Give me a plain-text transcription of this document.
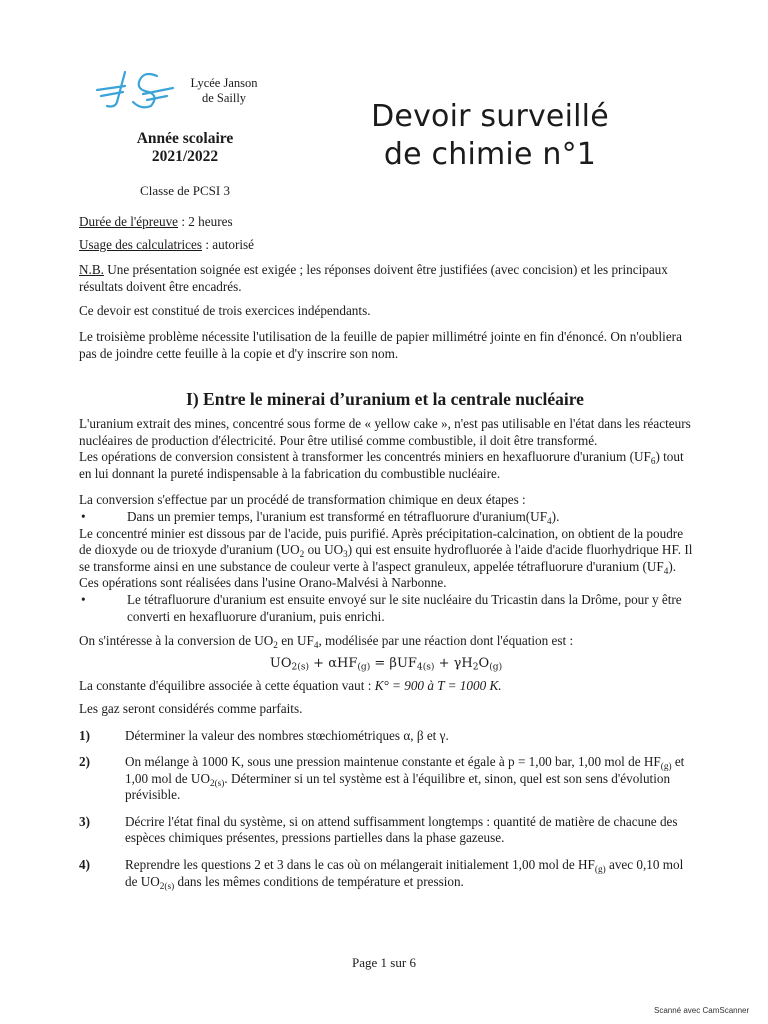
Lycée Janson
de Sailly
Devoir surveillé
de chimie n°1
Année scolaire
2021/2022
Classe de PCSI 3
Durée de l'épreuve : 2 heures
Usage des calculatrices : autorisé
N.B. Une présentation soignée est exigée ; les réponses doivent être justifiées (avec concision) et les principaux résultats doivent être encadrés.
Ce devoir est constitué de trois exercices indépendants.
Le troisième problème nécessite l'utilisation de la feuille de papier millimétré jointe en fin d'énoncé. On n'oubliera pas de joindre cette feuille à la copie et d'y inscrire son nom.
I) Entre le minerai d’uranium et la centrale nucléaire
L'uranium extrait des mines, concentré sous forme de « yellow cake », n'est pas utilisable en l'état dans les réacteurs nucléaires de production d'électricité. Pour être utilisé comme combustible, il doit être transformé.
Les opérations de conversion consistent à transformer les concentrés miniers en hexafluorure d'uranium $(UF_6)$ tout en lui donnant la pureté indispensable à la fabrication du combustible nucléaire.
La conversion s'effectue par un procédé de transformation chimique en deux étapes :
•	Dans un premier temps, l'uranium est transformé en tétrafluorure $d'uranium(UF_4)$.
Le concentré minier est dissous par de l'acide, puis purifié. Après précipitation-calcination, on obtient de la poudre de dioxyde ou de trioxyde d'uranium ($UO_2$ ou $UO_3$) qui est ensuite hydrofluorée à l'aide d'acide fluorhydrique HF. Il se transforme ainsi en une substance de couleur verte à l'aspect granuleux, appelée tétrafluorure d'uranium $(UF_4)$.
Ces opérations sont réalisées dans l'usine Orano-Malvési à Narbonne.
•	Le tétrafluorure d'uranium est ensuite envoyé sur le site nucléaire du Tricastin dans la Drôme, pour y être converti en hexafluorure d'uranium, puis enrichi.
On s'intéresse à la conversion de $UO_2$ en $UF_4$, modélisée par une réaction dont l'équation est :
$UO_{2(s)} + \alpha HF_{(g)} = \beta UF_{4(s)} + \gamma H_2O_{(g)}$
La constante d'équilibre associée à cette équation vaut : K° = 900 à T = 1000 K.
Les gaz seront considérés comme parfaits.
1)	Déterminer la valeur des nombres stœchiométriques α, β et γ.
2)	On mélange à 1000 K, sous une pression maintenue constante et égale à p = 1,00 bar, 1,00 mol de $HF_{(g)}$ et 1,00 mol de $UO_{2(s)}$. Déterminer si un tel système est à l'équilibre et, sinon, quel est son sens d'évolution prévisible.
3)	Décrire l'état final du système, si on attend suffisamment longtemps : quantité de matière de chacune des espèces chimiques présentes, pressions partielles dans la phase gazeuse.
4)	Reprendre les questions 2 et 3 dans le cas où on mélangerait initialement 1,00 mol de $HF_{(g)}$ avec 0,10 mol de $UO_{2(s)}$ dans les mêmes conditions de température et pression.
Page 1 sur 6
Scanné avec CamScanner
